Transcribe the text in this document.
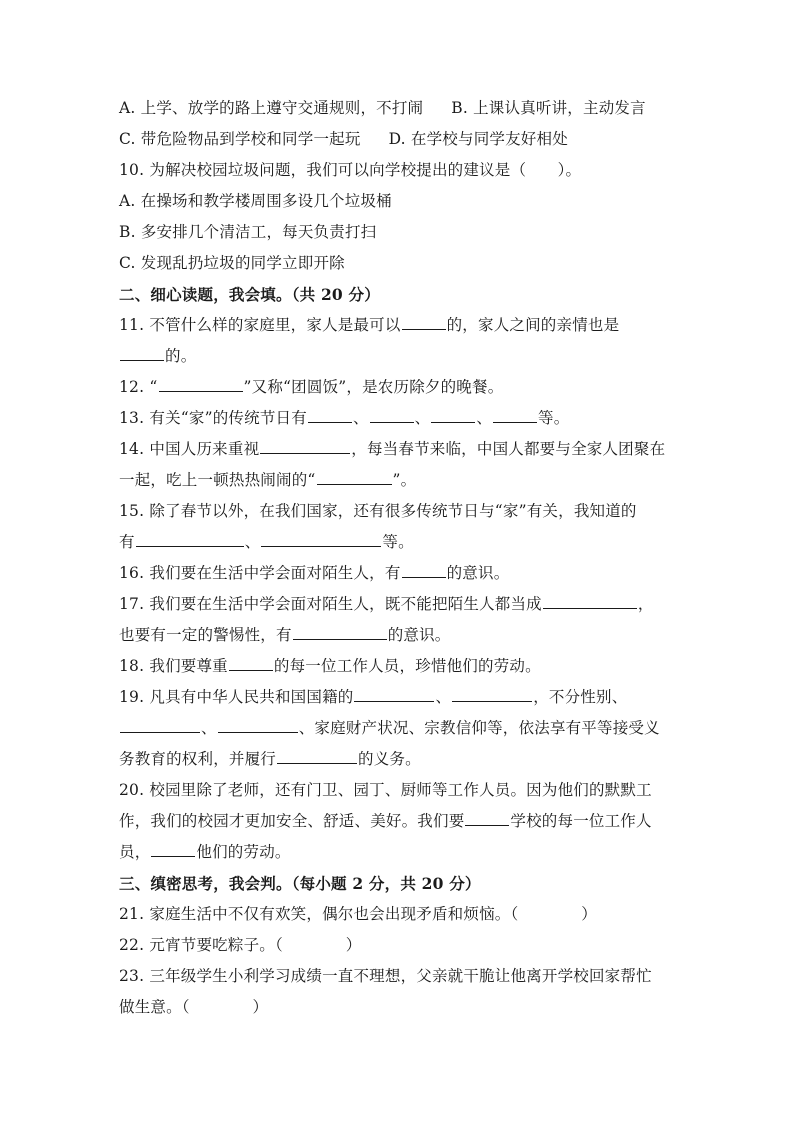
A. 上学、放学的路上遵守交通规则，不打闹 B. 上课认真听讲，主动发言
C. 带危险物品到学校和同学一起玩 D. 在学校与同学友好相处
10. 为解决校园垃圾问题，我们可以向学校提出的建议是（　　）。
A. 在操场和教学楼周围多设几个垃圾桶
B. 多安排几个清洁工，每天负责打扫
C. 发现乱扔垃圾的同学立即开除
二、细心读题，我会填。（共 20 分）
11. 不管什么样的家庭里，家人是最可以	的，家人之间的亲情也是
的。
12. “	”又称“团圆饭”，是农历除夕的晚餐。
13. 有关“家”的传统节日有	、	、	、	等。
14. 中国人历来重视	，每当春节来临，中国人都要与全家人团聚在
一起，吃上一顿热热闹闹的“	”。
15. 除了春节以外，在我们国家，还有很多传统节日与“家”有关，我知道的
有	、	等。
16. 我们要在生活中学会面对陌生人，有	的意识。
17. 我们要在生活中学会面对陌生人，既不能把陌生人都当成	，
也要有一定的警惕性，有	的意识。
18. 我们要尊重	的每一位工作人员，珍惜他们的劳动。
19. 凡具有中华人民共和国国籍的	、	，不分性别、
、	、家庭财产状况、宗教信仰等，依法享有平等接受义
务教育的权利，并履行	的义务。
20. 校园里除了老师，还有门卫、园丁、厨师等工作人员。因为他们的默默工
作，我们的校园才更加安全、舒适、美好。我们要	学校的每一位工作人
员，	他们的劳动。
三、缜密思考，我会判。（每小题 2 分，共 20 分）
21. 家庭生活中不仅有欢笑，偶尔也会出现矛盾和烦恼。（　　　　）
22. 元宵节要吃粽子。（　　　　）
23. 三年级学生小利学习成绩一直不理想，父亲就干脆让他离开学校回家帮忙
做生意。（　　　　）
